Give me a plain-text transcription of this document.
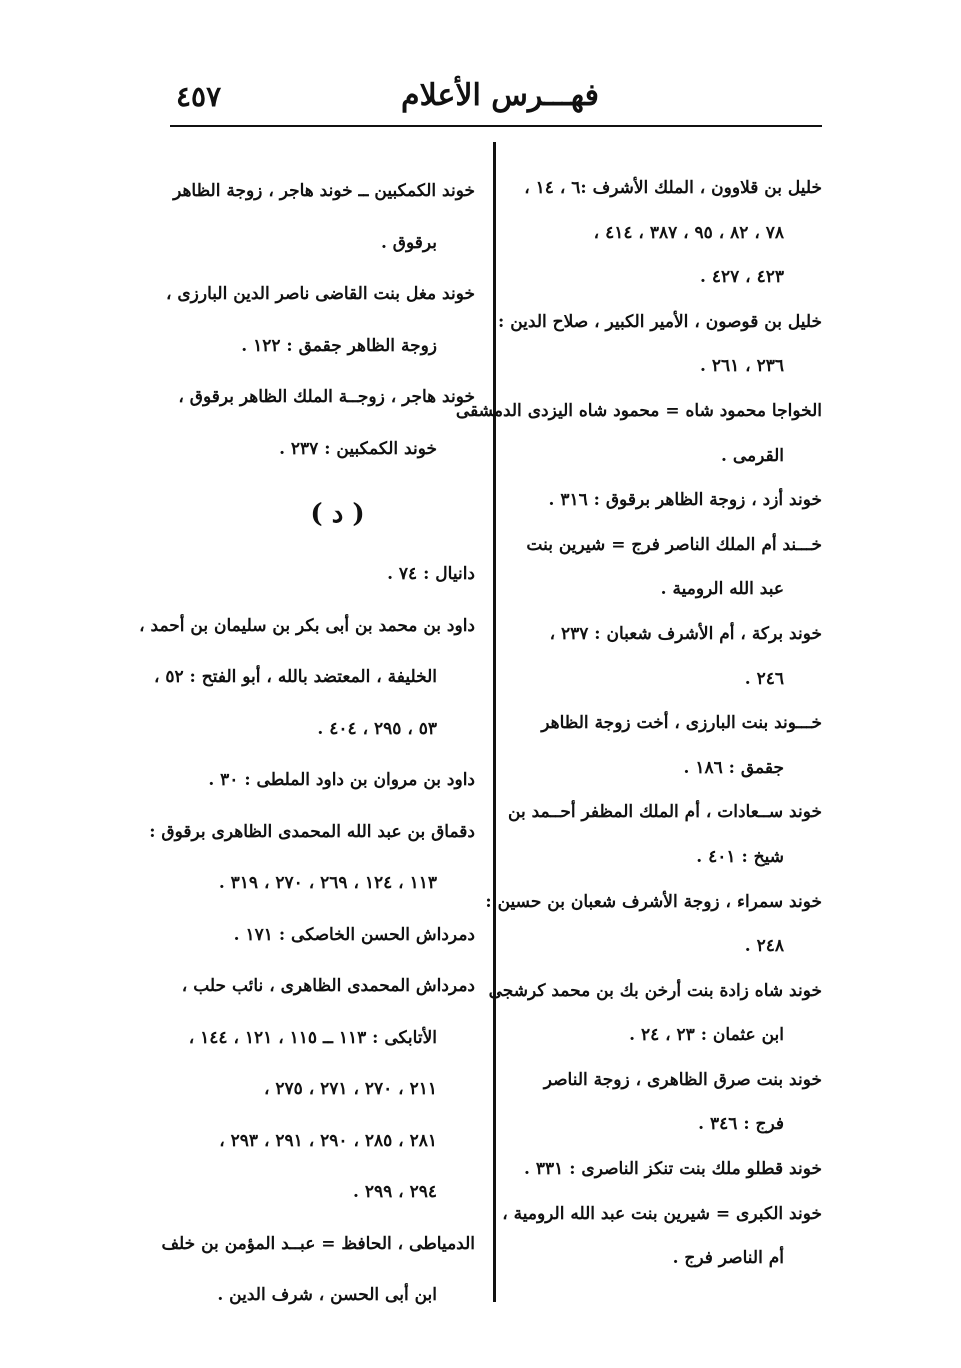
٤٥٧	فهـــرس الأعلام
خليل بن قلاوون ، الملك الأشرف :٦ ، ١٤ ،
٧٨ ، ٨٢ ، ٩٥ ، ٣٨٧ ، ٤١٤ ،
٤٢٣ ، ٤٢٧ .
خليل بن قوصون ، الأمير الكبير ، صلاح الدين :
٢٣٦ ، ٢٦١ .
الخواجا محمود شاه = محمود شاه اليزدى الدمشقى
القرمى .
خوند أزد ، زوجة الظاهر برقوق : ٣١٦ .
خـــند أم الملك الناصر فرج = شيرين بنت
عبد الله الرومية .
خوند بركة ، أم الأشرف شعبان : ٢٣٧ ،
٢٤٦ .
خـــوند بنت البارزى ، أخت زوجة الظاهر
جقمق : ١٨٦ .
خوند ســعادات ، أم الملك المظفر أحــمد بن
شيخ : ٤٠١ .
خوند سمراء ، زوجة الأشرف شعبان بن حسين :
٢٤٨ .
خوند شاه زادة بنت أرخن بك بن محمد كرشجى
ابن عثمان : ٢٣ ، ٢٤ .
خوند بنت صرق الظاهرى ، زوجة الناصر
فرج : ٣٤٦ .
خوند قطلو ملك بنت تنكز الناصرى : ٣٣١ .
خوند الكبرى = شيرين بنت عبد الله الرومية ،
أم الناصر فرج .
خوند الكمكبين ــ خوند هاجر ، زوجة الظاهر
برقوق .
خوند مغل بنت القاضى ناصر الدين البارزى ،
زوجة الظاهر جقمق : ١٢٢ .
خوند هاجر ، زوجــة الملك الظاهر برقوق ،
خوند الكمكبين : ٢٣٧ .
( د )
دانيال : ٧٤ .
داود بن محمد بن أبى بكر بن سليمان بن أحمد ،
الخليفة ، المعتضد بالله ، أبو الفتح : ٥٢ ،
٥٣ ، ٢٩٥ ، ٤٠٤ .
داود بن مروان بن داود الملطى : ٣٠ .
دقماق بن عبد الله المحمدى الظاهرى برقوق :
١١٣ ، ١٢٤ ، ٢٦٩ ، ٢٧٠ ، ٣١٩ .
دمرداش الحسن الخاصكى : ١٧١ .
دمرداش المحمدى الظاهرى ، نائب حلب ،
الأتابكى : ١١٣ ــ ١١٥ ، ١٢١ ، ١٤٤ ،
٢١١ ، ٢٧٠ ، ٢٧١ ، ٢٧٥ ،
٢٨١ ، ٢٨٥ ، ٢٩٠ ، ٢٩١ ، ٢٩٣ ،
٢٩٤ ، ٢٩٩ .
الدمياطى ، الحافظ = عبــد المؤمن بن خلف
ابن أبى الحسن ، شرف الدين .
